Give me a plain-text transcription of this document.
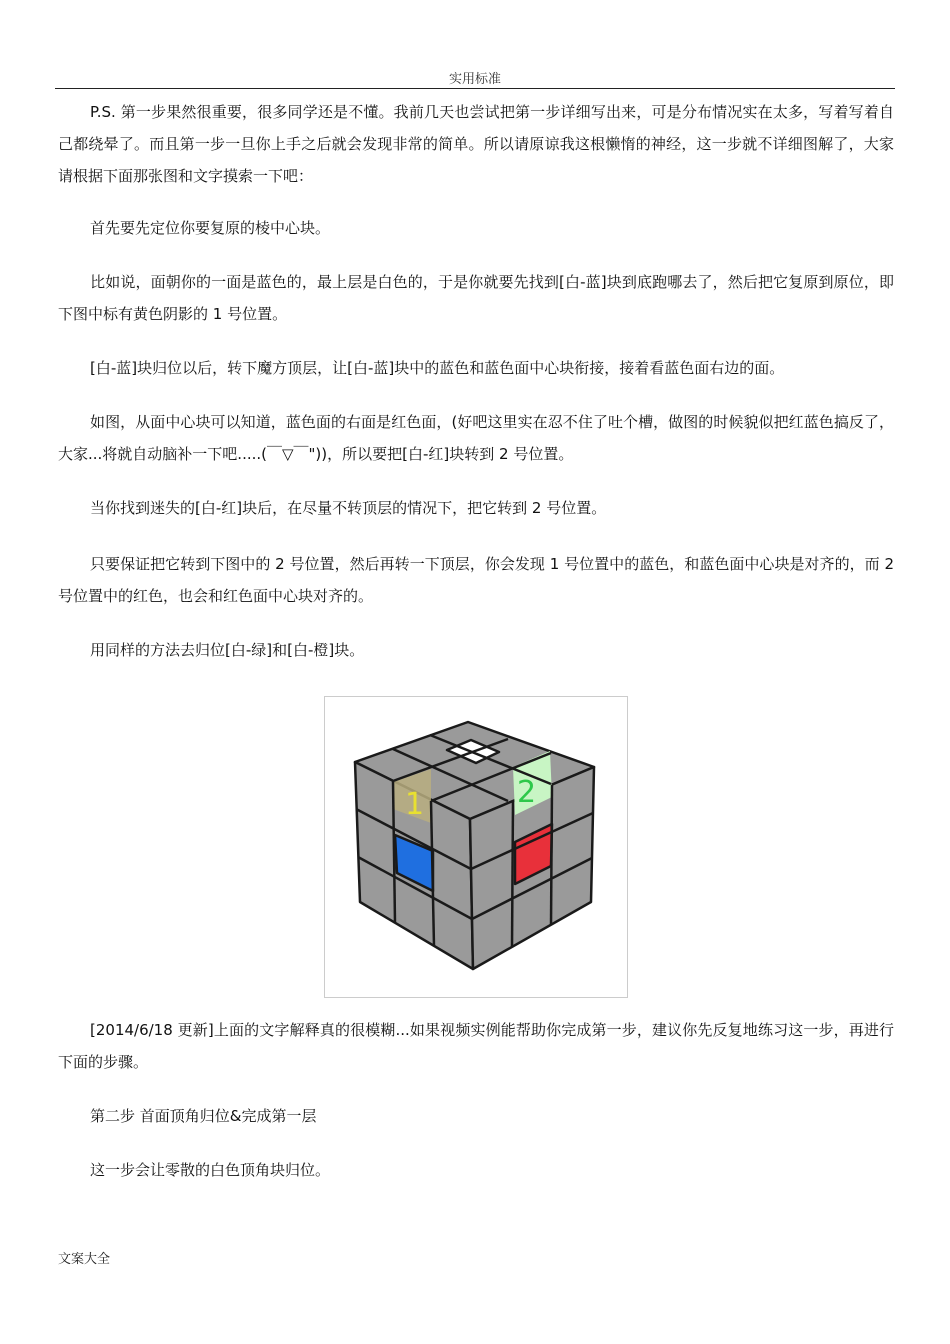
实用标准
P.S. 第一步果然很重要，很多同学还是不懂。我前几天也尝试把第一步详细写出来，可是分布情况实在太多，写着写着自己都绕晕了。而且第一步一旦你上手之后就会发现非常的简单。所以请原谅我这根懒惰的神经，这一步就不详细图解了，大家请根据下面那张图和文字摸索一下吧：
首先要先定位你要复原的棱中心块。
比如说，面朝你的一面是蓝色的，最上层是白色的，于是你就要先找到[白-蓝]块到底跑哪去了，然后把它复原到原位，即下图中标有黄色阴影的 1 号位置。
[白-蓝]块归位以后，转下魔方顶层，让[白-蓝]块中的蓝色和蓝色面中心块衔接，接着看蓝色面右边的面。
如图，从面中心块可以知道，蓝色面的右面是红色面，(好吧这里实在忍不住了吐个槽，做图的时候貌似把红蓝色搞反了，大家...将就自动脑补一下吧.....(￣▽￣"))，所以要把[白-红]块转到 2 号位置。
当你找到迷失的[白-红]块后，在尽量不转顶层的情况下，把它转到 2 号位置。
只要保证把它转到下图中的 2 号位置，然后再转一下顶层，你会发现 1 号位置中的蓝色，和蓝色面中心块是对齐的，而 2 号位置中的红色，也会和红色面中心块对齐的。
用同样的方法去归位[白-绿]和[白-橙]块。
1	2
[2014/6/18 更新]上面的文字解释真的很模糊...如果视频实例能帮助你完成第一步，建议你先反复地练习这一步，再进行下面的步骤。
第二步 首面顶角归位&完成第一层
这一步会让零散的白色顶角块归位。
文案大全
